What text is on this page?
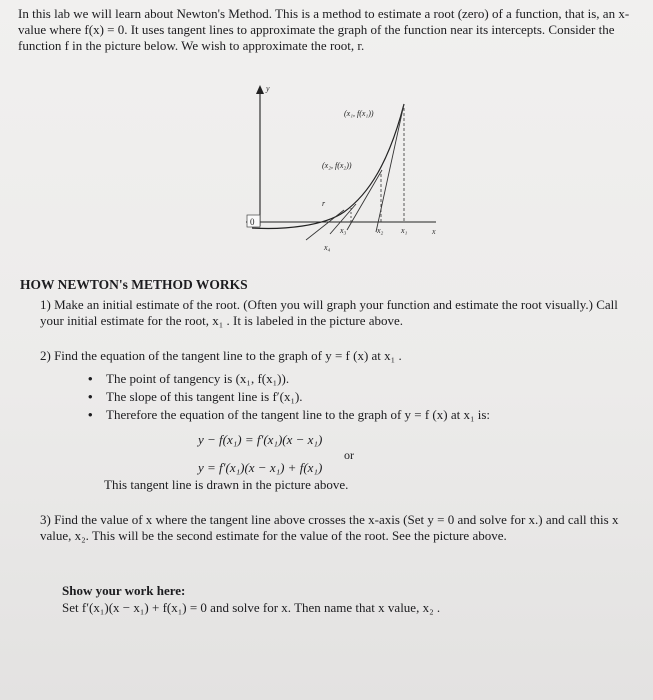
In this lab we will learn about Newton's Method. This is a method to estimate a root (zero) of a function, that is, an x-value where f(x) = 0. It uses tangent lines to approximate the graph of the function near its intercepts. Consider the function f in the picture below. We wish to approximate the root, r.
y
x
0
(x₁, f(x₁))
(x₂, f(x₂))
r
x₃	x₂ x₁
x₄
HOW NEWTON's METHOD WORKS
1) Make an initial estimate of the root. (Often you will graph your function and estimate the root visually.) Call your initial estimate for the root, x₁ . It is labeled in the picture above.
2) Find the equation of the tangent line to the graph of y = f (x) at x₁ .
• The point of tangency is (x₁, f(x₁)).
• The slope of this tangent line is f′(x₁).
• Therefore the equation of the tangent line to the graph of y = f (x) at x₁ is:
y − f(x₁) = f′(x₁)(x − x₁)
or
y = f′(x₁)(x − x₁) + f(x₁)
This tangent line is drawn in the picture above.
3) Find the value of x where the tangent line above crosses the x-axis (Set y = 0 and solve for x.) and call this x value, x₂. This will be the second estimate for the value of the root. See the picture above.
Show your work here:
Set f′(x₁)(x − x₁) + f(x₁) = 0 and solve for x. Then name that x value, x₂ .
